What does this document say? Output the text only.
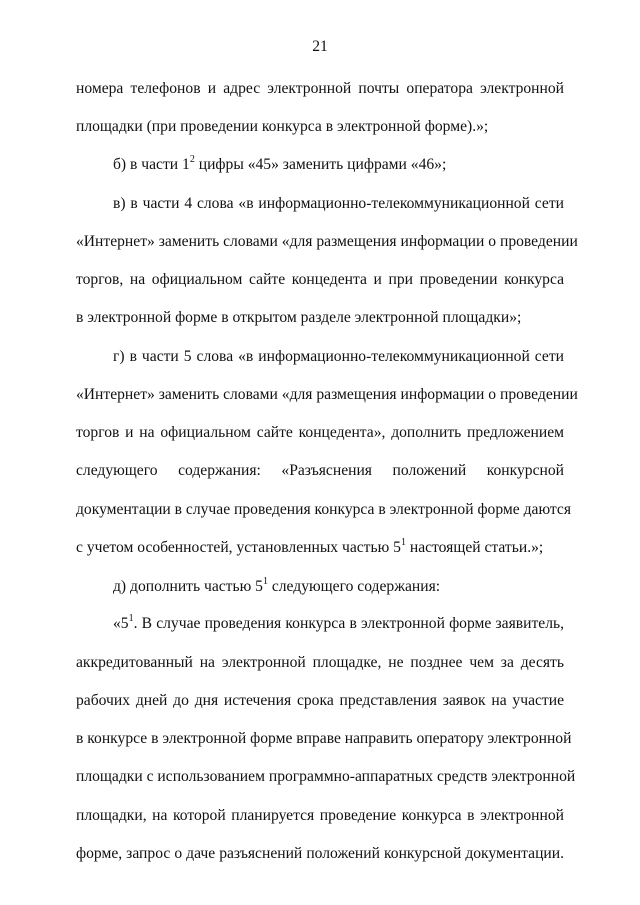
21
номера телефонов и адрес электронной почты оператора электронной
площадки (при проведении конкурса в электронной форме).»;
б) в части $1^2$ цифры «45» заменить цифрами «46»;
в) в части 4 слова «в информационно-телекоммуникационной сети
«Интернет» заменить словами «для размещения информации о проведении
торгов, на официальном сайте концедента и при проведении конкурса
в электронной форме в открытом разделе электронной площадки»;
г) в части 5 слова «в информационно-телекоммуникационной сети
«Интернет» заменить словами «для размещения информации о проведении
торгов и на официальном сайте концедента», дополнить предложением
следующего содержания: «Разъяснения положений конкурсной
документации в случае проведения конкурса в электронной форме даются
с учетом особенностей, установленных частью $5^1$ настоящей статьи.»;
д) дополнить частью $5^1$ следующего содержания:
«$5^1$. В случае проведения конкурса в электронной форме заявитель,
аккредитованный на электронной площадке, не позднее чем за десять
рабочих дней до дня истечения срока представления заявок на участие
в конкурсе в электронной форме вправе направить оператору электронной
площадки с использованием программно-аппаратных средств электронной
площадки, на которой планируется проведение конкурса в электронной
форме, запрос о даче разъяснений положений конкурсной документации.
